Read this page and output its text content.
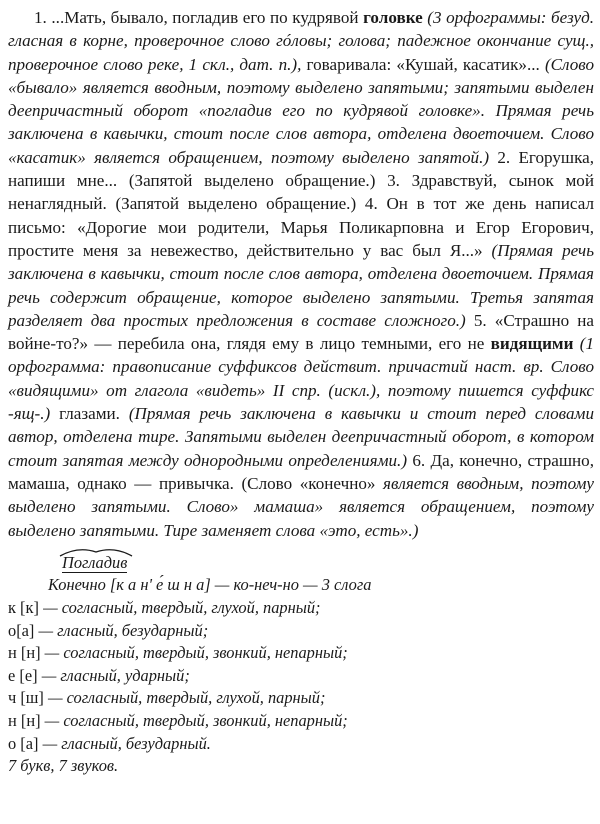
1. ...Мать, бывало, погладив его по кудрявой головке (3 орфограммы: безуд. гласная в корне, проверочное слово гóловы; голова; падежное окончание сущ., проверочное слово реке, 1 скл., дат. п.), говаривала: «Кушай, касатик»... (Слово «бывало» является вводным, поэтому выделено запятыми; запятыми выделен деепричастный оборот «погладив его по кудрявой головке». Прямая речь заключена в кавычки, стоит после слов автора, отделена двоеточием. Слово «касатик» является обращением, поэтому выделено запятой.) 2. Егорушка, напиши мне... (Запятой выделено обращение.) 3. Здравствуй, сынок мой ненаглядный. (Запятой выделено обращение.) 4. Он в тот же день написал письмо: «Дорогие мои родители, Марья Поликарповна и Егор Егорович, простите меня за невежество, действительно у вас был Я...» (Прямая речь заключена в кавычки, стоит после слов автора, отделена двоеточием. Прямая речь содержит обращение, которое выделено запятыми. Третья запятая разделяет два простых предложения в составе сложного.) 5. «Страшно на войне-то?» — перебила она, глядя ему в лицо темными, его не видящими (1 орфограмма: правописание суффиксов действит. причастий наст. вр. Слово «видящими» от глагола «видеть» II спр. (искл.), поэтому пишется суффикс -ящ-.) глазами. (Прямая речь заключена в кавычки и стоит перед словами автор, отделена тире. Запятыми выделен деепричастный оборот, в котором стоит запятая между однородными определениями.) 6. Да, конечно, страшно, мамаша, однако — привычка. (Слово «конечно» является вводным, поэтому выделено запятыми. Слово» мамаша» является обращением, поэтому выделено запятыми. Тире заменяет слова «это, есть».)

Погладив
Конечно [к а н' е́ ш н а] — ко-неч-но — 3 слога
к [к] — согласный, твердый, глухой, парный;
о[а] — гласный, безударный;
н [н] — согласный, твердый, звонкий, непарный;
е [е] — гласный, ударный;
ч [ш] — согласный, твердый, глухой, парный;
н [н] — согласный, твердый, звонкий, непарный;
о [а] — гласный, безударный.
7 букв, 7 звуков.
